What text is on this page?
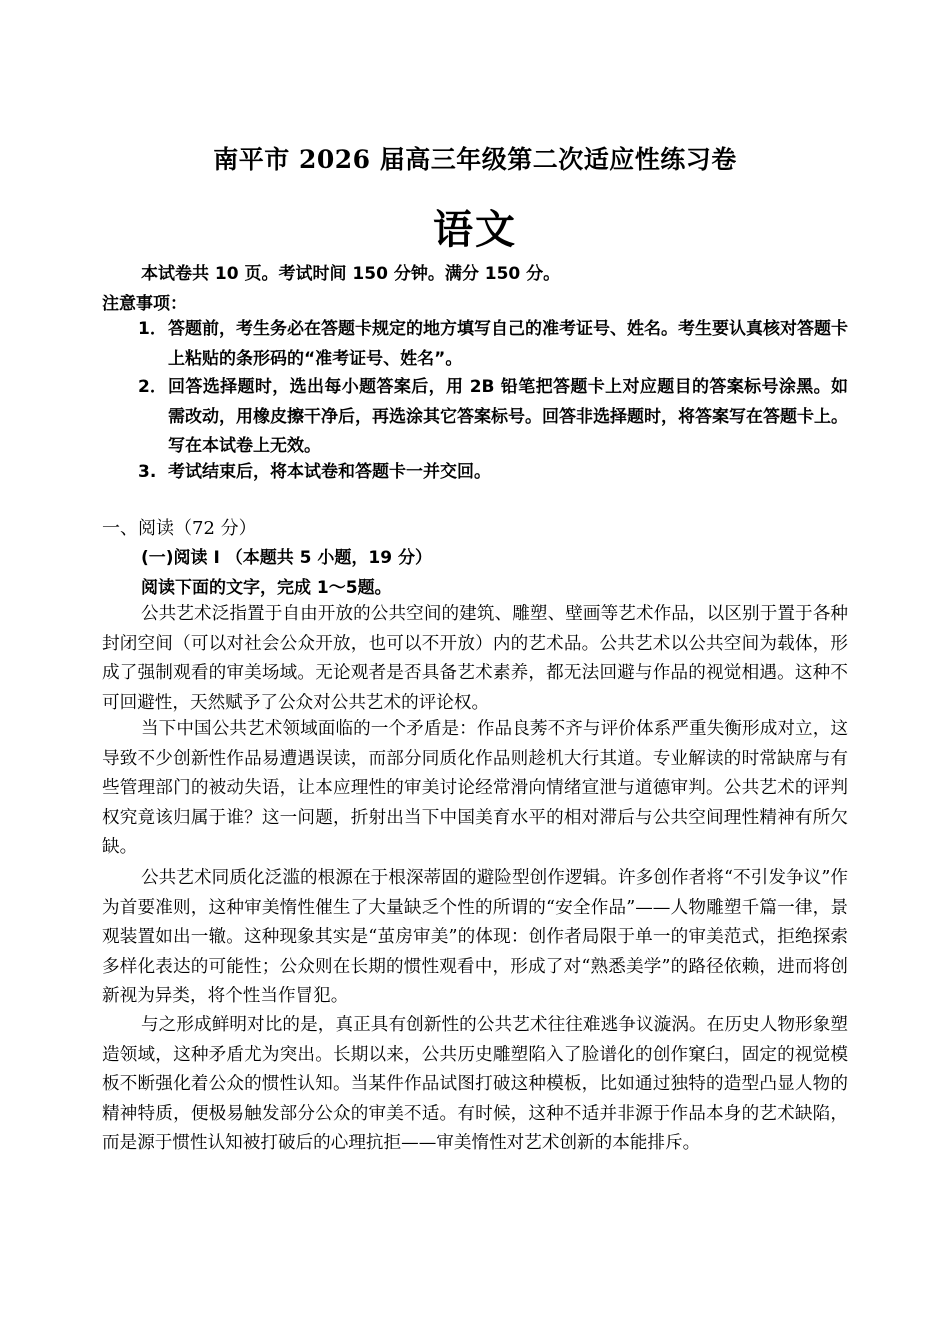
南平市 2026 届高三年级第二次适应性练习卷
语文
本试卷共 10 页。考试时间 150 分钟。满分 150 分。
注意事项：
1． 答题前，考生务必在答题卡规定的地方填写自己的准考证号、姓名。考生要认真核对答题卡上粘贴的条形码的“准考证号、姓名”。
2． 回答选择题时，选出每小题答案后，用 2B 铅笔把答题卡上对应题目的答案标号涂黑。如需改动，用橡皮擦干净后，再选涂其它答案标号。回答非选择题时，将答案写在答题卡上。写在本试卷上无效。
3. 考试结束后，将本试卷和答题卡一并交回。
一、阅读（72 分）
(一)阅读 I （本题共 5 小题，19 分）
阅读下面的文字，完成 1～5题。

公共艺术泛指置于自由开放的公共空间的建筑、雕塑、壁画等艺术作品，以区别于置于各种封闭空间（可以对社会公众开放，也可以不开放）内的艺术品。公共艺术以公共空间为载体，形成了强制观看的审美场域。无论观者是否具备艺术素养，都无法回避与作品的视觉相遇。这种不可回避性，天然赋予了公众对公共艺术的评论权。

当下中国公共艺术领域面临的一个矛盾是：作品良莠不齐与评价体系严重失衡形成对立，这导致不少创新性作品易遭遇误读，而部分同质化作品则趁机大行其道。专业解读的时常缺席与有些管理部门的被动失语，让本应理性的审美讨论经常滑向情绪宣泄与道德审判。公共艺术的评判权究竟该归属于谁？这一问题，折射出当下中国美育水平的相对滞后与公共空间理性精神有所欠缺。

公共艺术同质化泛滥的根源在于根深蒂固的避险型创作逻辑。许多创作者将“不引发争议”作为首要准则，这种审美惰性催生了大量缺乏个性的所谓的“安全作品”——人物雕塑千篇一律，景观装置如出一辙。这种现象其实是“茧房审美”的体现：创作者局限于单一的审美范式，拒绝探索多样化表达的可能性；公众则在长期的惯性观看中，形成了对“熟悉美学”的路径依赖，进而将创新视为异类，将个性当作冒犯。

与之形成鲜明对比的是，真正具有创新性的公共艺术往往难逃争议漩涡。在历史人物形象塑造领域，这种矛盾尤为突出。长期以来，公共历史雕塑陷入了脸谱化的创作窠臼，固定的视觉模板不断强化着公众的惯性认知。当某件作品试图打破这种模板，比如通过独特的造型凸显人物的精神特质，便极易触发部分公众的审美不适。有时候，这种不适并非源于作品本身的艺术缺陷，而是源于惯性认知被打破后的心理抗拒——审美惰性对艺术创新的本能排斥。
